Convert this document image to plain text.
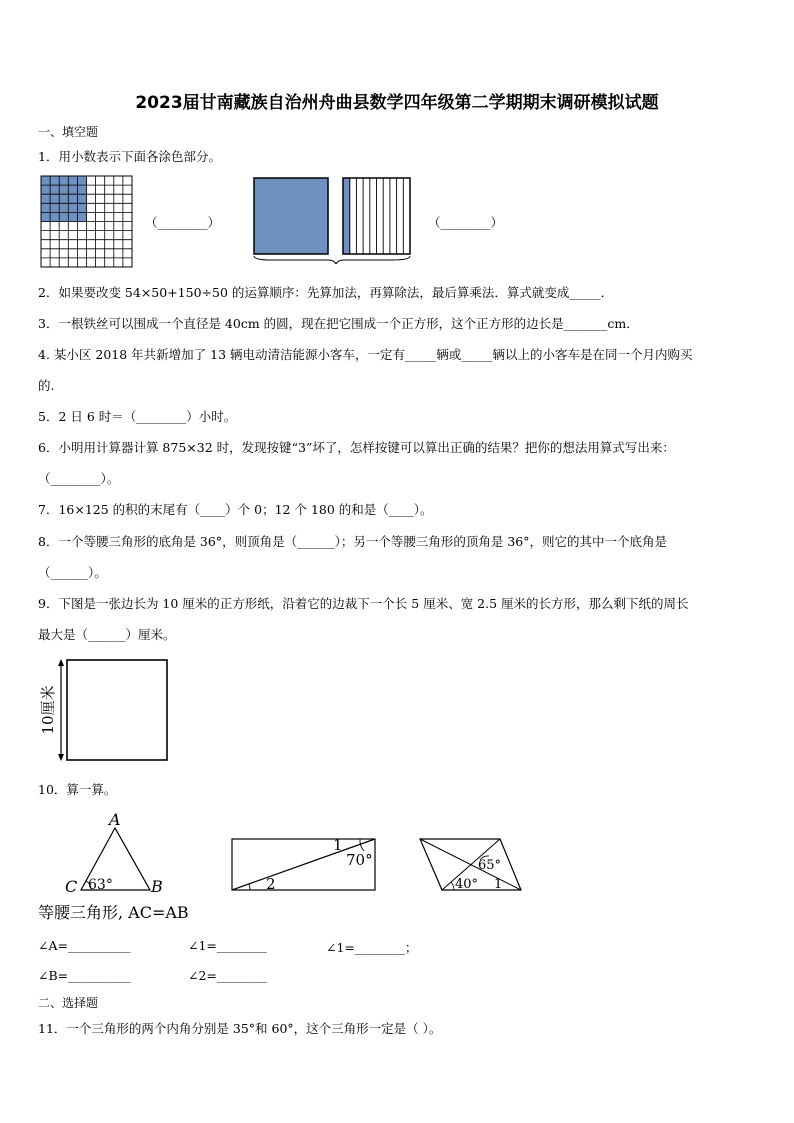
2023届甘南藏族自治州舟曲县数学四年级第二学期期末调研模拟试题
一、填空题
1．用小数表示下面各涂色部分。
（________）	（________）
2．如果要改变 54×50+150÷50 的运算顺序：先算加法，再算除法，最后算乘法．算式就变成_____．
3．一根铁丝可以围成一个直径是 40cm 的圆，现在把它围成一个正方形，这个正方形的边长是_______cm．
4. 某小区 2018 年共新增加了 13 辆电动清洁能源小客车，一定有_____辆或_____辆以上的小客车是在同一个月内购买
的.
5．2 日 6 时＝（________）小时。
6．小明用计算器计算 875×32 时，发现按键“3”坏了，怎样按键可以算出正确的结果？把你的想法用算式写出来：
（________）。
7．16×125 的积的末尾有（____）个 0；12 个 180 的和是（____）。
8．一个等腰三角形的底角是 36°，则顶角是（______）；另一个等腰三角形的顶角是 36°，则它的其中一个底角是
（______）。
9．下图是一张边长为 10 厘米的正方形纸，沿着它的边裁下一个长 5 厘米、宽 2.5 厘米的长方形，那么剩下纸的周长
最大是（______）厘米。
10厘米
10．算一算。
A
C	B
63°
1
70°
2
65°
40° 1
等腰三角形, AC=AB
∠A=__________	∠1=________	∠1=________；
∠B=__________	∠2=________
二、选择题
11．一个三角形的两个内角分别是 35°和 60°，这个三角形一定是（ ）。
